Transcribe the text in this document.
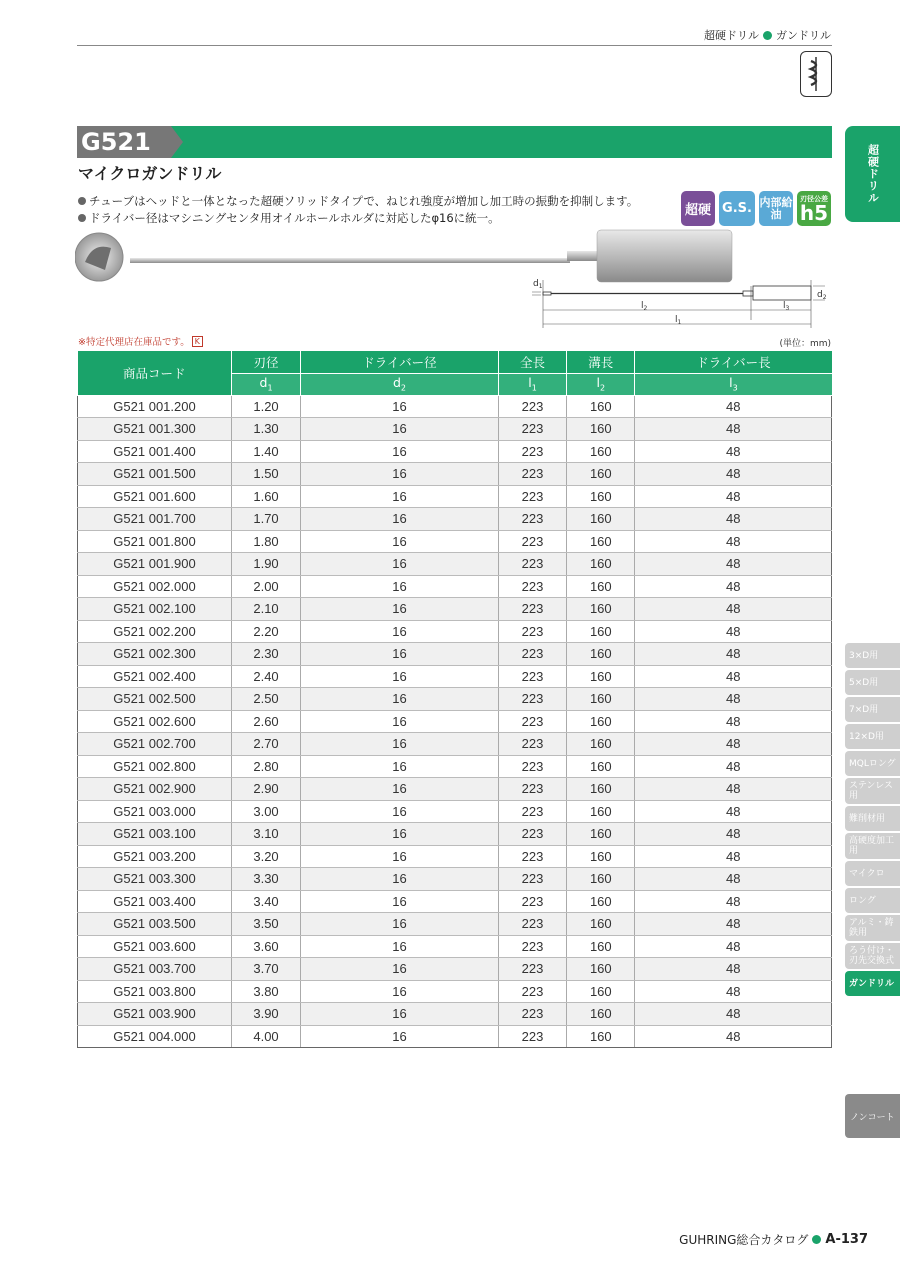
超硬ドリル ガンドリル
超硬ドリル
G521
マイクロガンドリル
チューブはヘッドと一体となった超硬ソリッドタイプで、ねじれ強度が増加し加工時の振動を抑制します。
ドライバー径はマシニングセンタ用オイルホールホルダに対応したφ16に統一。	超硬 G.S. 内部給油
刃径公差
h5
$d_1$
$d_2$
$l_2$	$l_3$
$l_1$
※特定代理店在庫品です。 K	(単位：mm)
商品コード	刃径	ドライバー径	全長	溝長	ドライバー長
	$d_1$	$d_2$	$l_1$	$l_2$	$l_3$
G521 001.200	1.20	16	223	160	48
G521 001.300	1.30	16	223	160	48
G521 001.400	1.40	16	223	160	48
G521 001.500	1.50	16	223	160	48
G521 001.600	1.60	16	223	160	48
G521 001.700	1.70	16	223	160	48
G521 001.800	1.80	16	223	160	48
G521 001.900	1.90	16	223	160	48
G521 002.000	2.00	16	223	160	48
G521 002.100	2.10	16	223	160	48
G521 002.200	2.20	16	223	160	48
G521 002.300	2.30	16	223	160	48
G521 002.400	2.40	16	223	160	48
G521 002.500	2.50	16	223	160	48
G521 002.600	2.60	16	223	160	48
G521 002.700	2.70	16	223	160	48
G521 002.800	2.80	16	223	160	48
G521 002.900	2.90	16	223	160	48
G521 003.000	3.00	16	223	160	48
G521 003.100	3.10	16	223	160	48
G521 003.200	3.20	16	223	160	48
G521 003.300	3.30	16	223	160	48
G521 003.400	3.40	16	223	160	48
G521 003.500	3.50	16	223	160	48
G521 003.600	3.60	16	223	160	48
G521 003.700	3.70	16	223	160	48
G521 003.800	3.80	16	223	160	48
G521 003.900	3.90	16	223	160	48
G521 004.000	4.00	16	223	160	48
3×D用
5×D用
7×D用
12×D用
MQLロング
ステンレス用
難削材用
高硬度加工用
マイクロ
ロング
アルミ・鋳鉄用
ろう付け・刃先交換式
ガンドリル
ノンコート
GUHRING総合カタログ A-137
